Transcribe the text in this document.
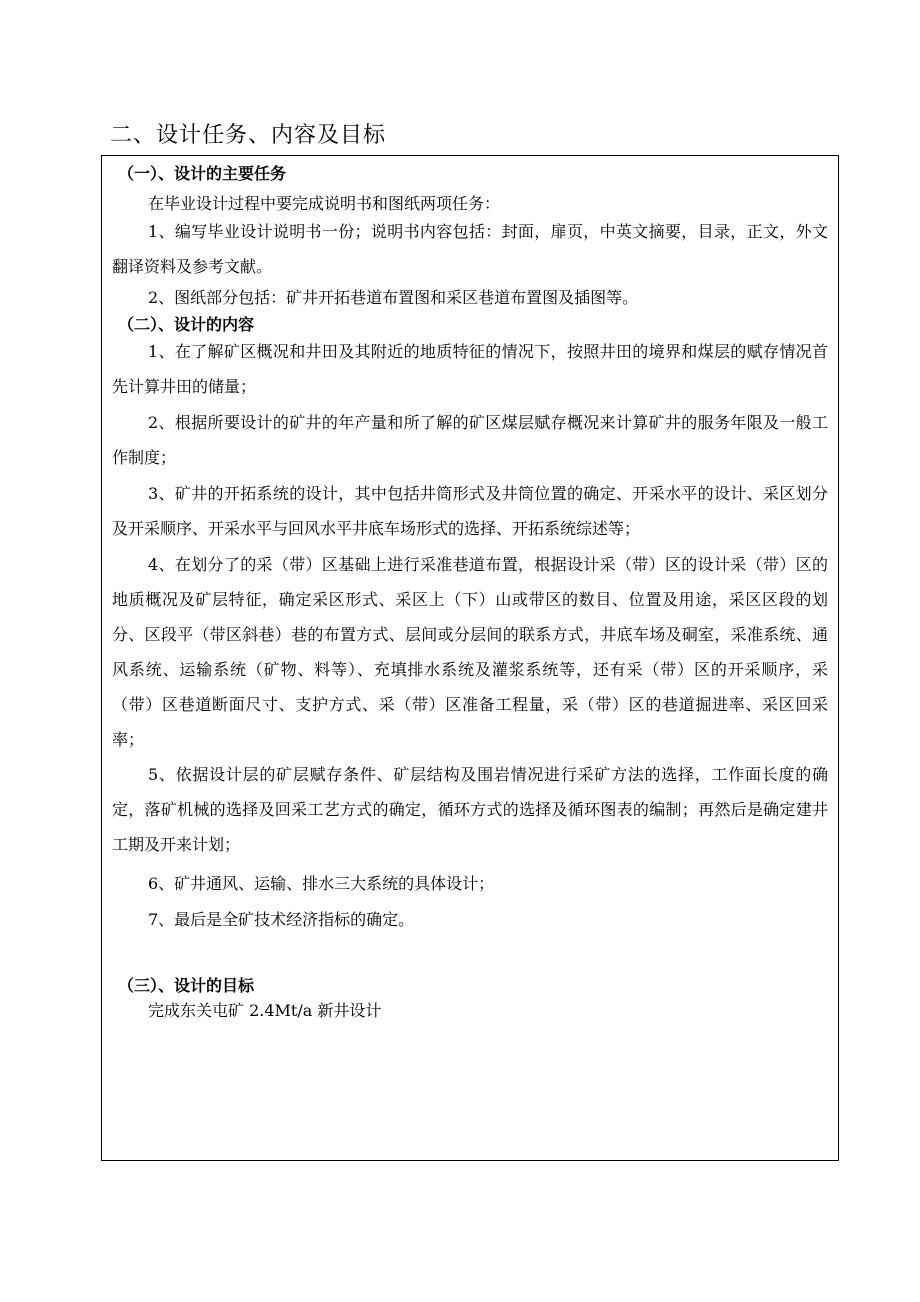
二、设计任务、内容及目标
（一）、设计的主要任务
在毕业设计过程中要完成说明书和图纸两项任务：

1、编写毕业设计说明书一份；说明书内容包括：封面，扉页，中英文摘要，目录，正文，外文翻译资料及参考文献。

2、图纸部分包括：矿井开拓巷道布置图和采区巷道布置图及插图等。
（二）、设计的内容

1、在了解矿区概况和井田及其附近的地质特征的情况下，按照井田的境界和煤层的赋存情况首先计算井田的储量；

2、根据所要设计的矿井的年产量和所了解的矿区煤层赋存概况来计算矿井的服务年限及一般工作制度；

3、矿井的开拓系统的设计，其中包括井筒形式及井筒位置的确定、开采水平的设计、采区划分及开采顺序、开采水平与回风水平井底车场形式的选择、开拓系统综述等；

4、在划分了的采（带）区基础上进行采准巷道布置，根据设计采（带）区的设计采（带）区的地质概况及矿层特征，确定采区形式、采区上（下）山或带区的数目、位置及用途，采区区段的划分、区段平（带区斜巷）巷的布置方式、层间或分层间的联系方式，井底车场及硐室，采准系统、通风系统、运输系统（矿物、料等）、充填排水系统及灌浆系统等，还有采（带）区的开采顺序，采（带）区巷道断面尺寸、支护方式、采（带）区准备工程量，采（带）区的巷道掘进率、采区回采率；

5、依据设计层的矿层赋存条件、矿层结构及围岩情况进行采矿方法的选择，工作面长度的确定，落矿机械的选择及回采工艺方式的确定，循环方式的选择及循环图表的编制；再然后是确定建井工期及开来计划；

6、矿井通风、运输、排水三大系统的具体设计；
7、最后是全矿技术经济指标的确定。
（三）、设计的目标
完成东关屯矿 2.4Mt/a 新井设计
